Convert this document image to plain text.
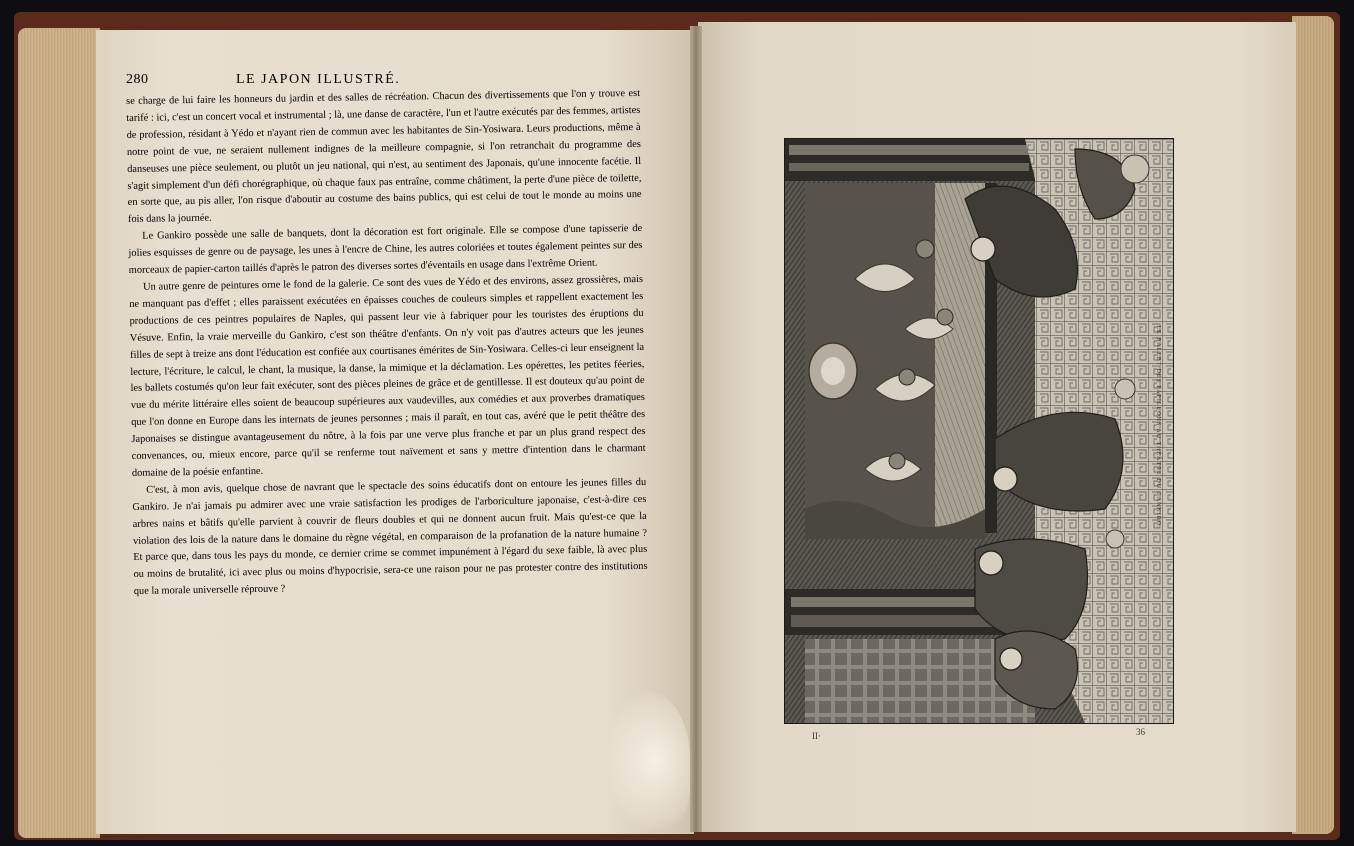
280	LE JAPON ILLUSTRÉ.

se charge de lui faire les honneurs du jardin et des salles de récréation. Chacun des divertissements que l'on y trouve est tarifé : ici, c'est un concert vocal et instrumental ; là, une danse de caractère, l'un et l'autre exécutés par des femmes, artistes de profession, résidant à Yédo et n'ayant rien de commun avec les habitantes de Sin-Yosiwara. Leurs productions, même à notre point de vue, ne seraient nullement indignes de la meilleure compagnie, si l'on retranchait du programme des danseuses une pièce seulement, ou plutôt un jeu national, qui n'est, au sentiment des Japonais, qu'une innocente facétie. Il s'agit simplement d'un défi chorégraphique, où chaque faux pas entraîne, comme châtiment, la perte d'une pièce de toilette, en sorte que, au pis aller, l'on risque d'aboutir au costume des bains publics, qui est celui de tout le monde au moins une fois dans la journée.

Le Gankiro possède une salle de banquets, dont la décoration est fort originale. Elle se compose d'une tapisserie de jolies esquisses de genre ou de paysage, les unes à l'encre de Chine, les autres coloriées et toutes également peintes sur des morceaux de papier-carton taillés d'après le patron des diverses sortes d'éventails en usage dans l'extrême Orient.

Un autre genre de peintures orne le fond de la galerie. Ce sont des vues de Yédo et des environs, assez grossières, mais ne manquant pas d'effet ; elles paraissent exécutées en épaisses couches de couleurs simples et rappellent exactement les productions de ces peintres populaires de Naples, qui passent leur vie à fabriquer pour les touristes des éruptions du Vésuve. Enfin, la vraie merveille du Gankiro, c'est son théâtre d'enfants. On n'y voit pas d'autres acteurs que les jeunes filles de sept à treize ans dont l'éducation est confiée aux courtisanes émérites de Sin-Yosiwara. Celles-ci leur enseignent la lecture, l'écriture, le calcul, le chant, la musique, la danse, la mimique et la déclamation. Les opérettes, les petites féeries, les ballets costumés qu'on leur fait exécuter, sont des pièces pleines de grâce et de gentillesse. Il est douteux qu'au point de vue du mérite littéraire elles soient de beaucoup supérieures aux vaudevilles, aux comédies et aux proverbes dramatiques que l'on donne en Europe dans les internats de jeunes personnes ; mais il paraît, en tout cas, avéré que le petit théâtre des Japonaises se distingue avantageusement du nôtre, à la fois par une verve plus franche et par un plus grand respect des convenances, ou, mieux encore, parce qu'il se renferme tout naïvement et sans y mettre d'intention dans le charmant domaine de la poésie enfantine.

C'est, à mon avis, quelque chose de navrant que le spectacle des soins éducatifs dont on entoure les jeunes filles du Gankiro. Je n'ai jamais pu admirer avec une vraie satisfaction les prodiges de l'arboriculture japonaise, c'est-à-dire ces arbres nains et bâtifs qu'elle parvient à couvrir de fleurs doubles et qui ne donnent aucun fruit. Mais qu'est-ce que la violation des lois de la nature dans le domaine du règne végétal, en comparaison de la profanation de la nature humaine ? Et parce que, dans tous les pays du monde, ce dernier crime se commet impunément à l'égard du sexe faible, là avec plus ou moins de brutalité, ici avec plus ou moins d'hypocrisie, sera-ce une raison pour ne pas protester contre des institutions que la morale universelle réprouve ?

LE BALLET DES PAPILLONS AU THÉÂTRE DU GANKIRO.
II·	36
